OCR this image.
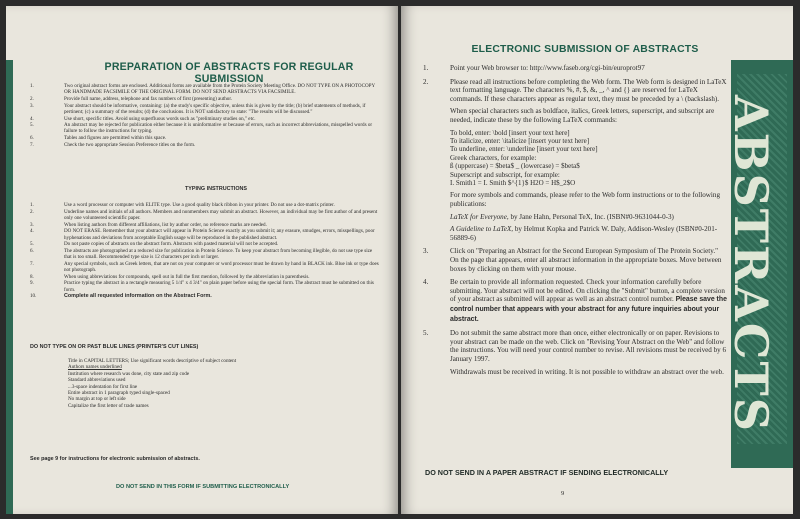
PREPARATION OF ABSTRACTS FOR REGULAR SUBMISSION
1.	Two original abstract forms are enclosed. Additional forms are available from the Protein Society Meeting Office. DO NOT TYPE ON A PHOTOCOPY OR HANDMADE FACSIMILE OF THE ORIGINAL FORM. DO NOT SEND ABSTRACTS VIA FACSIMILE.
2.	Provide full name, address, telephone and fax numbers of first (presenting) author.
3.	Your abstract should be informative, containing: (a) the study's specific objective, unless this is given by the title; (b) brief statements of methods, if pertinent; (c) a summary of the results; (d) the conclusions. It is NOT satisfactory to state: "The results will be discussed."
4.	Use short, specific titles. Avoid using superfluous words such as "preliminary studies on," etc.
5.	An abstract may be rejected for publication either because it is uninformative or because of errors, such as incorrect abbreviations, misspelled words or failure to follow the instructions for typing.
6.	Tables and figures are permitted within this space.
7.	Check the two appropriate Session Preference titles on the form.
TYPING INSTRUCTIONS
1.	Use a word processor or computer with ELITE type. Use a good quality black ribbon in your printer. Do not use a dot-matrix printer.
2.	Underline names and initials of all authors. Members and nonmembers may submit an abstract. However, an individual may be first author of and present only one volunteered scientific paper.
3.	When listing authors from different affiliations, list by author order, no reference marks are needed.
4.	DO NOT ERASE. Remember that your abstract will appear in Protein Science exactly as you submit it; any erasure, smudges, errors, misspellings, poor hyphenations and deviations from acceptable English usage will be reproduced in the published abstract.
5.	Do not paste copies of abstracts on the abstract form. Abstracts with pasted material will not be accepted.
6.	The abstracts are photographed at a reduced size for publication in Protein Science. To keep your abstract from becoming illegible, do not use type size that is too small. Recommended type size is 12 characters per inch or larger.
7.	Any special symbols, such as Greek letters, that are not on your computer or word processor must be drawn by hand in BLACK ink. Blue ink or type does not photograph.
8.	When using abbreviations for compounds, spell out in full the first mention, followed by the abbreviation in parenthesis.
9.	Practice typing the abstract in a rectangle measuring 5 1/4" x 4 3/4" on plain paper before using the special form. The abstract must be submitted on this form.
10.	Complete all requested information on the Abstract Form.
DO NOT TYPE ON OR PAST BLUE LINES (PRINTER'S CUT LINES)
Title in CAPITAL LETTERS; Use significant words descriptive of subject content
Authors names underlined
Institution where research was done, city state and zip code
Standard abbreviations used
...3-space indentation for first line
Entire abstract in 1 paragraph typed single-spaced
No margin at top or left side
Capitalize the first letter of trade names
See page 9 for instructions for electronic submission of abstracts.
DO NOT SEND IN THIS FORM IF SUBMITTING ELECTRONICALLY
ELECTRONIC SUBMISSION OF ABSTRACTS
1.	Point your Web browser to: http://www.faseb.org/cgi-bin/europrot97
2.	Please read all instructions before completing the Web form. The Web form is designed in LaTeX text formatting language. The characters %, #, $, &, _, ^ and {} are reserved for LaTeX commands. If these characters appear as regular text, they must be preceded by a \ (backslash).

When special characters such as boldface, italics, Greek letters, superscript, and subscript are needed, indicate these by the following LaTeX commands:

To bold, enter: \bold [insert your text here]
To italicize, enter: \italicize [insert your text here]
To underline, enter: \underline [insert your text here]
Greek characters, for example:
ß (uppercase) = $beta$ _ (lowercase) = $beta$
Superscript and subscript, for example:
I. Smith1 = I. Smith $^{1}$ H2O = H$_2$O

For more symbols and commands, please refer to the Web form instructions or to the following publications:

LaTeX for Everyone, by Jane Hahn, Personal TeX, Inc. (ISBN#0-9631044-0-3)

A Guideline to LaTeX, by Helmut Kopka and Patrick W. Daly, Addison-Wesley (ISBN#0-201-56889-6)

3.	Click on "Preparing an Abstract for the Second European Symposium of The Protein Society." On the page that appears, enter all abstract information in the appropriate boxes. Move between boxes by clicking on them with your mouse.
4.	Be certain to provide all information requested. Check your information carefully before submitting. Your abstract will not be edited. On clicking the "Submit" button, a complete version of your abstract as submitted will appear as well as an abstract control number. Please save the control number that appears with your abstract for any future inquiries about your abstract.
5.	Do not submit the same abstract more than once, either electronically or on paper. Revisions to your abstract can be made on the web. Click on "Revising Your Abstract on the Web" and follow the instructions. You will need your control number to revise. All revisions must be received by 6 January 1997.

Withdrawals must be received in writing. It is not possible to withdraw an abstract over the web.

DO NOT SEND IN A PAPER ABSTRACT IF SENDING ELECTRONICALLY
9
ABSTRACTS
